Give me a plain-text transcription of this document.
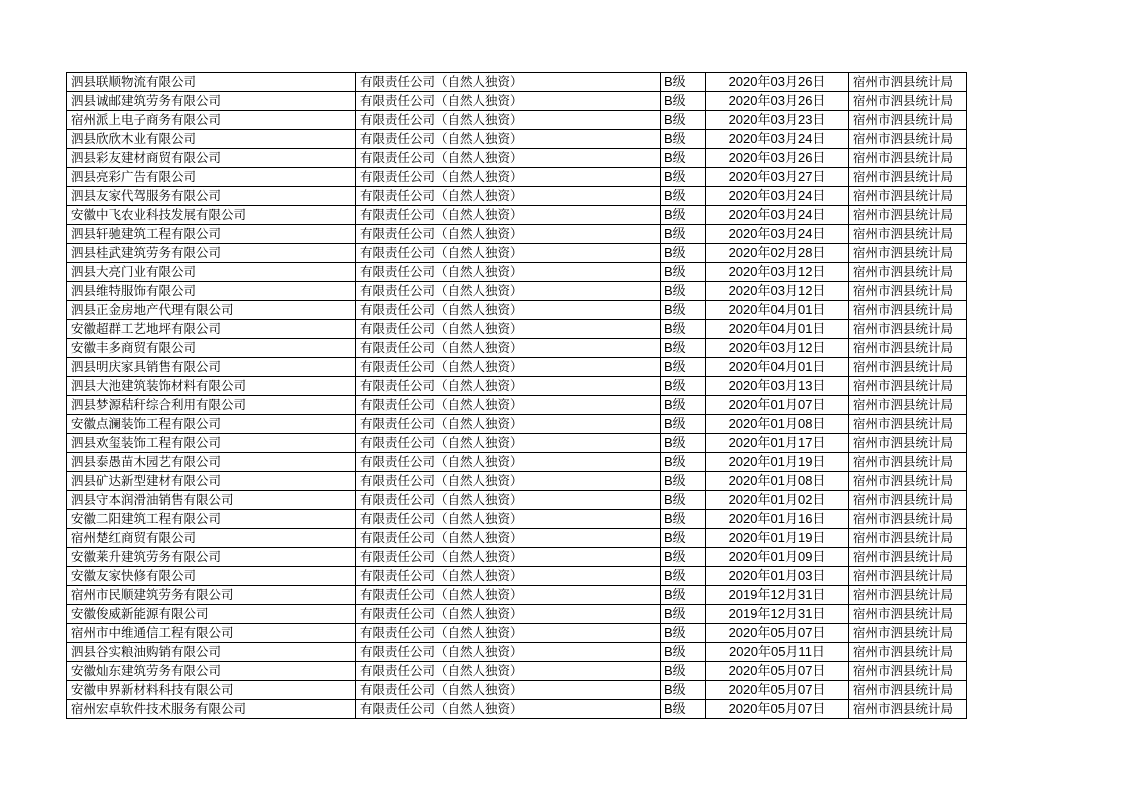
泗县联顺物流有限公司	有限责任公司（自然人独资）	B级	2020年03月26日	宿州市泗县统计局
泗县诚邮建筑劳务有限公司	有限责任公司（自然人独资）	B级	2020年03月26日	宿州市泗县统计局
宿州派上电子商务有限公司	有限责任公司（自然人独资）	B级	2020年03月23日	宿州市泗县统计局
泗县欣欣木业有限公司	有限责任公司（自然人独资）	B级	2020年03月24日	宿州市泗县统计局
泗县彩友建材商贸有限公司	有限责任公司（自然人独资）	B级	2020年03月26日	宿州市泗县统计局
泗县亮彩广告有限公司	有限责任公司（自然人独资）	B级	2020年03月27日	宿州市泗县统计局
泗县友家代驾服务有限公司	有限责任公司（自然人独资）	B级	2020年03月24日	宿州市泗县统计局
安徽中飞农业科技发展有限公司	有限责任公司（自然人独资）	B级	2020年03月24日	宿州市泗县统计局
泗县轩驰建筑工程有限公司	有限责任公司（自然人独资）	B级	2020年03月24日	宿州市泗县统计局
泗县桂武建筑劳务有限公司	有限责任公司（自然人独资）	B级	2020年02月28日	宿州市泗县统计局
泗县大亮门业有限公司	有限责任公司（自然人独资）	B级	2020年03月12日	宿州市泗县统计局
泗县维特服饰有限公司	有限责任公司（自然人独资）	B级	2020年03月12日	宿州市泗县统计局
泗县正金房地产代理有限公司	有限责任公司（自然人独资）	B级	2020年04月01日	宿州市泗县统计局
安徽超群工艺地坪有限公司	有限责任公司（自然人独资）	B级	2020年04月01日	宿州市泗县统计局
安徽丰多商贸有限公司	有限责任公司（自然人独资）	B级	2020年03月12日	宿州市泗县统计局
泗县明庆家具销售有限公司	有限责任公司（自然人独资）	B级	2020年04月01日	宿州市泗县统计局
泗县大池建筑装饰材料有限公司	有限责任公司（自然人独资）	B级	2020年03月13日	宿州市泗县统计局
泗县梦源秸秆综合利用有限公司	有限责任公司（自然人独资）	B级	2020年01月07日	宿州市泗县统计局
安徽点澜装饰工程有限公司	有限责任公司（自然人独资）	B级	2020年01月08日	宿州市泗县统计局
泗县欢玺装饰工程有限公司	有限责任公司（自然人独资）	B级	2020年01月17日	宿州市泗县统计局
泗县泰愚苗木园艺有限公司	有限责任公司（自然人独资）	B级	2020年01月19日	宿州市泗县统计局
泗县矿达新型建材有限公司	有限责任公司（自然人独资）	B级	2020年01月08日	宿州市泗县统计局
泗县守本润滑油销售有限公司	有限责任公司（自然人独资）	B级	2020年01月02日	宿州市泗县统计局
安徽二阳建筑工程有限公司	有限责任公司（自然人独资）	B级	2020年01月16日	宿州市泗县统计局
宿州楚红商贸有限公司	有限责任公司（自然人独资）	B级	2020年01月19日	宿州市泗县统计局
安徽莱升建筑劳务有限公司	有限责任公司（自然人独资）	B级	2020年01月09日	宿州市泗县统计局
安徽友家快修有限公司	有限责任公司（自然人独资）	B级	2020年01月03日	宿州市泗县统计局
宿州市民顺建筑劳务有限公司	有限责任公司（自然人独资）	B级	2019年12月31日	宿州市泗县统计局
安徽俊威新能源有限公司	有限责任公司（自然人独资）	B级	2019年12月31日	宿州市泗县统计局
宿州市中维通信工程有限公司	有限责任公司（自然人独资）	B级	2020年05月07日	宿州市泗县统计局
泗县谷实粮油购销有限公司	有限责任公司（自然人独资）	B级	2020年05月11日	宿州市泗县统计局
安徽灿东建筑劳务有限公司	有限责任公司（自然人独资）	B级	2020年05月07日	宿州市泗县统计局
安徽申界新材料科技有限公司	有限责任公司（自然人独资）	B级	2020年05月07日	宿州市泗县统计局
宿州宏卓软件技术服务有限公司	有限责任公司（自然人独资）	B级	2020年05月07日	宿州市泗县统计局
